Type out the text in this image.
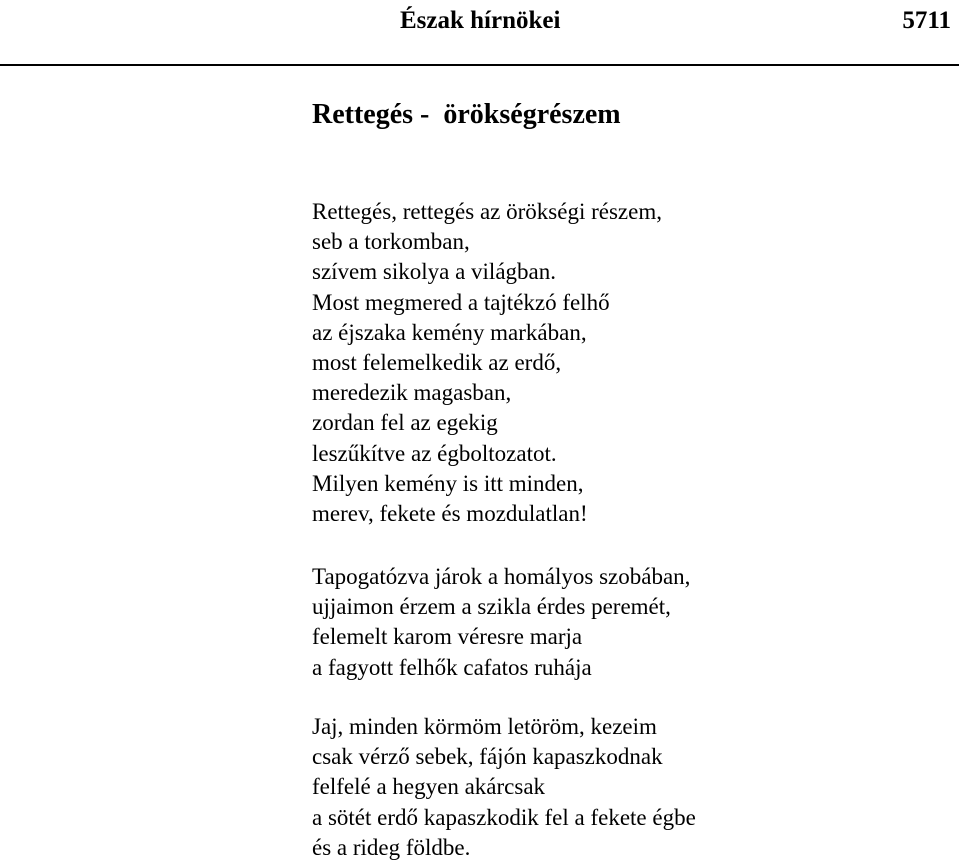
Észak hírnökei	5711
Rettegés -  örökségrészem
Rettegés, rettegés az örökségi részem,
seb a torkomban,
szívem sikolya a világban.
Most megmered a tajtékzó felhő
az éjszaka kemény markában,
most felemelkedik az erdő,
meredezik magasban,
zordan fel az egekig
leszűkítve az égboltozatot.
Milyen kemény is itt minden,
merev, fekete és mozdulatlan!
Tapogatózva járok a homályos szobában,
ujjaimon érzem a szikla érdes peremét,
felemelt karom véresre marja
a fagyott felhők cafatos ruhája
Jaj, minden körmöm letöröm, kezeim
csak vérző sebek, fájón kapaszkodnak
felfelé a hegyen akárcsak
a sötét erdő kapaszkodik fel a fekete égbe
és a rideg földbe.
